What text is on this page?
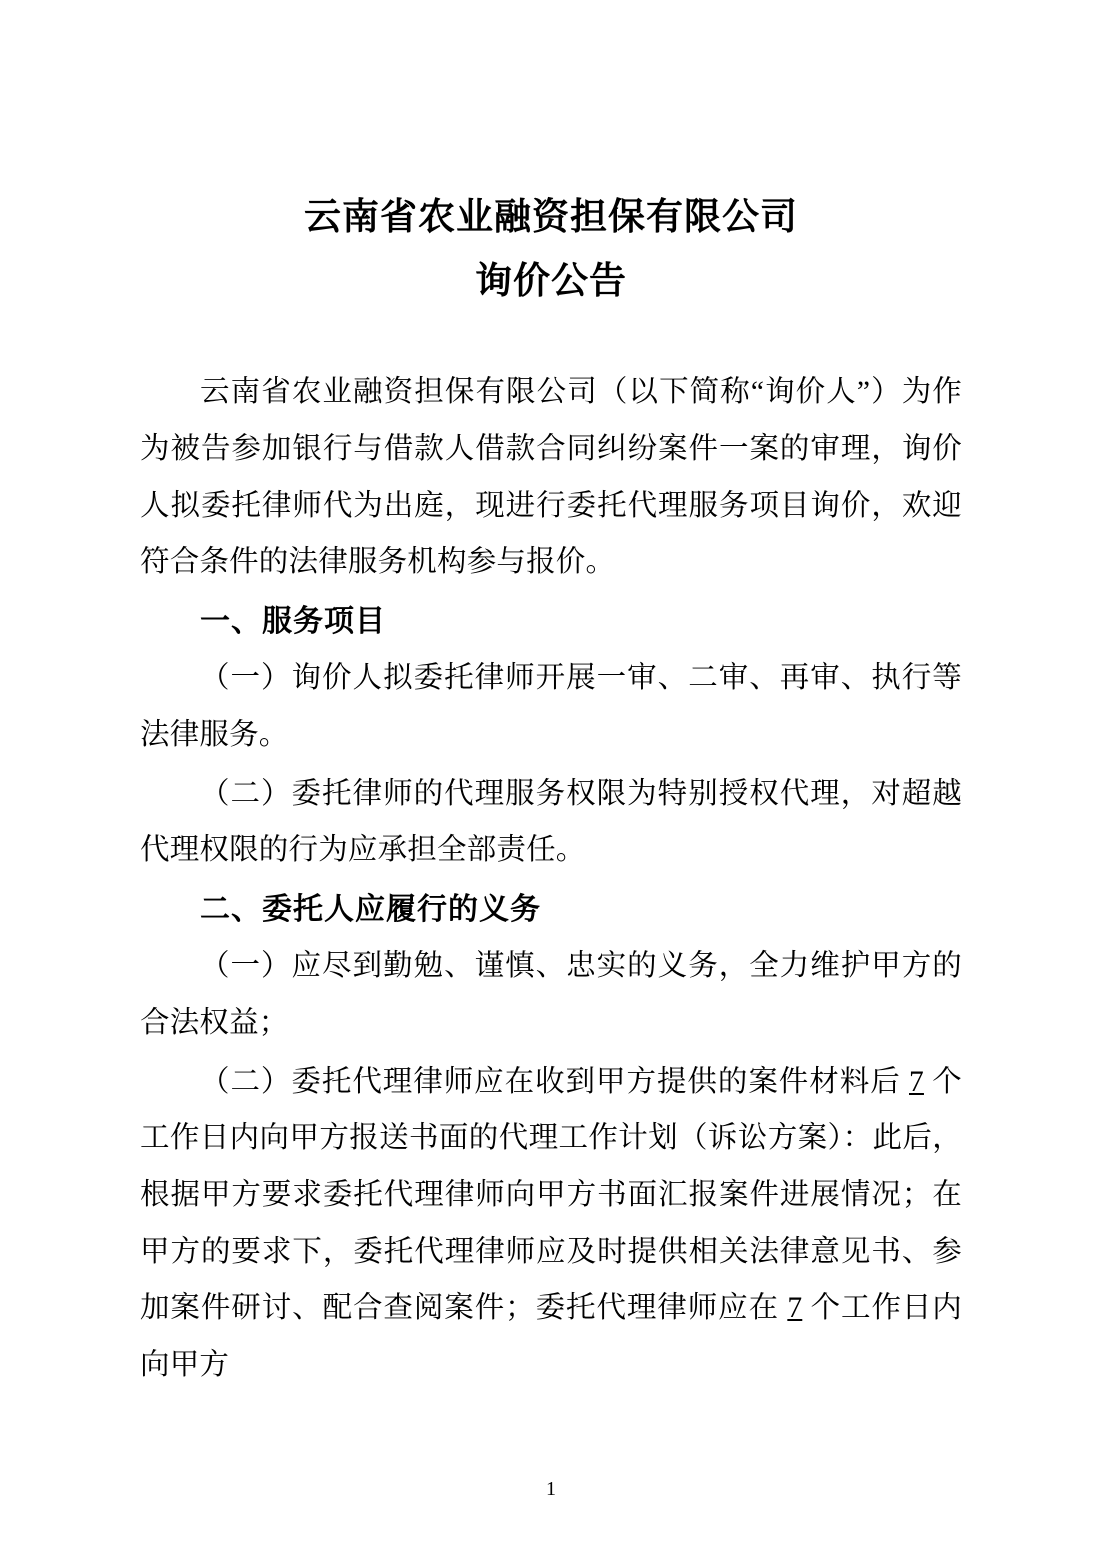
云南省农业融资担保有限公司
询价公告

云南省农业融资担保有限公司（以下简称“询价人”）为作为被告参加银行与借款人借款合同纠纷案件一案的审理，询价人拟委托律师代为出庭，现进行委托代理服务项目询价，欢迎符合条件的法律服务机构参与报价。

一、服务项目

（一）询价人拟委托律师开展一审、二审、再审、执行等法律服务。

（二）委托律师的代理服务权限为特别授权代理，对超越代理权限的行为应承担全部责任。

二、委托人应履行的义务

（一）应尽到勤勉、谨慎、忠实的义务，全力维护甲方的合法权益；

（二）委托代理律师应在收到甲方提供的案件材料后 7 个工作日内向甲方报送书面的代理工作计划（诉讼方案）：此后，根据甲方要求委托代理律师向甲方书面汇报案件进展情况；在甲方的要求下，委托代理律师应及时提供相关法律意见书、参加案件研讨、配合查阅案件；委托代理律师应在 7 个工作日内向甲方

1
